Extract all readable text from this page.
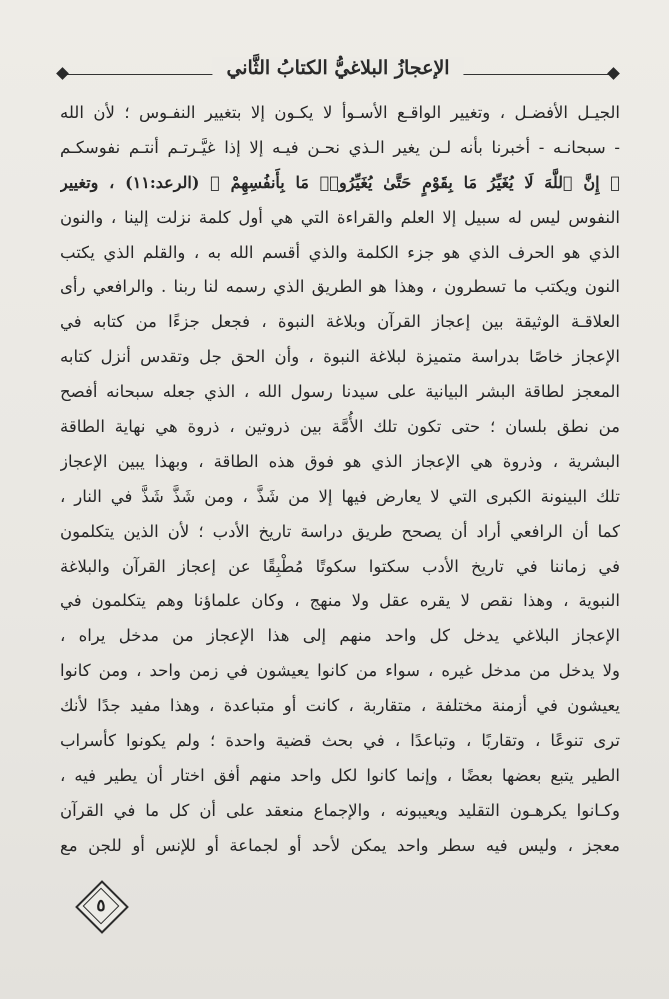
الإعجازُ البلاغيُّ الكتابُ الثَّاني
الجيـل الأفضـل ، وتغيير الواقـع الأسـوأ لا يكـون إلا بتغيير النفـوس ؛ لأن الله
- سبحانـه - أخبرنا بأنه لـن يغير الـذي نحـن فيـه إلا إذا غيَّـرتـم أنتـم نفوسكـم
﴿ إِنَّ ٱللَّهَ لَا يُغَيِّرُ مَا بِقَوْمٍ حَتَّىٰ يُغَيِّرُوا۟ مَا بِأَنفُسِهِمْ ﴾ (الرعد:١١) ، وتغيير
النفوس ليس له سبيل إلا العلم والقراءة التي هي أول كلمة نزلت إلينا ، والنون
الذي هو الحرف الذي هو جزء الكلمة والذي أقسم الله به ، والقلم الذي يكتب
النون ويكتب ما تسطرون ، وهذا هو الطريق الذي رسمه لنا ربنا . والرافعي رأى
العلاقـة الوثيقة بين إعجاز القرآن وبلاغة النبوة ، فجعل جزءًا من كتابه في
الإعجاز خاصًا بدراسة متميزة لبلاغة النبوة ، وأن الحق جل وتقدس أنزل كتابه
المعجز لطاقة البشر البيانية على سيدنا رسول الله ، الذي جعله سبحانه أفصح
من نطق بلسان ؛ حتى تكون تلك الأُمَّة بين ذروتين ، ذروة هي نهاية الطاقة
البشرية ، وذروة هي الإعجاز الذي هو فوق هذه الطاقة ، وبهذا يبين الإعجاز
تلك البينونة الكبرى التي لا يعارض فيها إلا من شَذَّ ، ومن شَذَّ شَذَّ في النار ،
كما أن الرافعي أراد أن يصحح طريق دراسة تاريخ الأدب ؛ لأن الذين يتكلمون
في زماننا في تاريخ الأدب سكتوا سكوتًا مُطْبِقًا عن إعجاز القرآن والبلاغة
النبوية ، وهذا نقص لا يقره عقل ولا منهج ، وكان علماؤنا وهم يتكلمون في
الإعجاز البلاغي يدخل كل واحد منهم إلى هذا الإعجاز من مدخل يراه ،
ولا يدخل من مدخل غيره ، سواء من كانوا يعيشون في زمن واحد ، ومن كانوا
يعيشون في أزمنة مختلفة ، متقاربة ، كانت أو متباعدة ، وهذا مفيد جدًا لأنك
ترى تنوعًا ، وتقاربًا ، وتباعدًا ، في بحث قضية واحدة ؛ ولم يكونوا كأسراب
الطير يتبع بعضها بعضًا ، وإنما كانوا لكل واحد منهم أفق اختار أن يطير فيه ،
وكـانوا يكرهـون التقليد ويعيبونه ، والإجماع منعقد على أن كل ما في القرآن
معجز ، وليس فيه سطر واحد يمكن لأحد أو لجماعة أو للإنس أو للجن مع
٥
